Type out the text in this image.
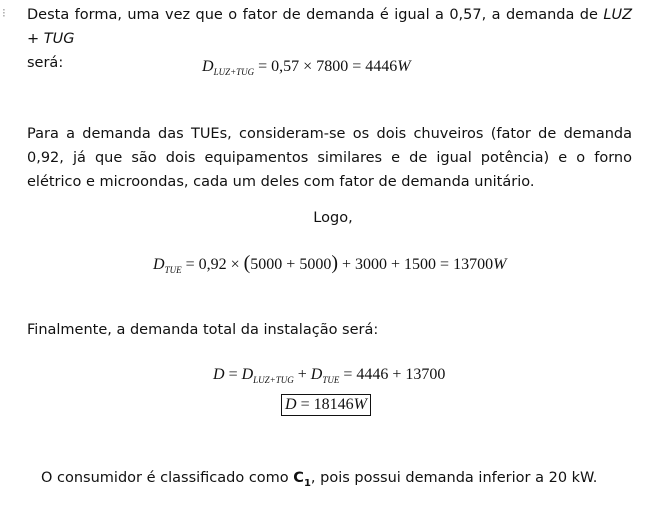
⁝ Desta forma, uma vez que o fator de demanda é igual a 0,57, a demanda de LUZ + TUG
será:	$D_{LUZ+TUG} = 0,57 \times 7800 = 4446W$

Para a demanda das TUEs, consideram-se os dois chuveiros (fator de demanda 0,92, já que são dois equipamentos similares e de igual potência) e o forno elétrico e microondas, cada um deles com fator de demanda unitário.

Logo,
$D_{TUE} = 0,92 \times (5000 + 5000) + 3000 + 1500 = 13700W$

Finalmente, a demanda total da instalação será:

$D = D_{LUZ+TUG} + D_{TUE} = 4446 + 13700$
D = 18146W

O consumidor é classificado como $C_1$, pois possui demanda inferior a 20 kW.
